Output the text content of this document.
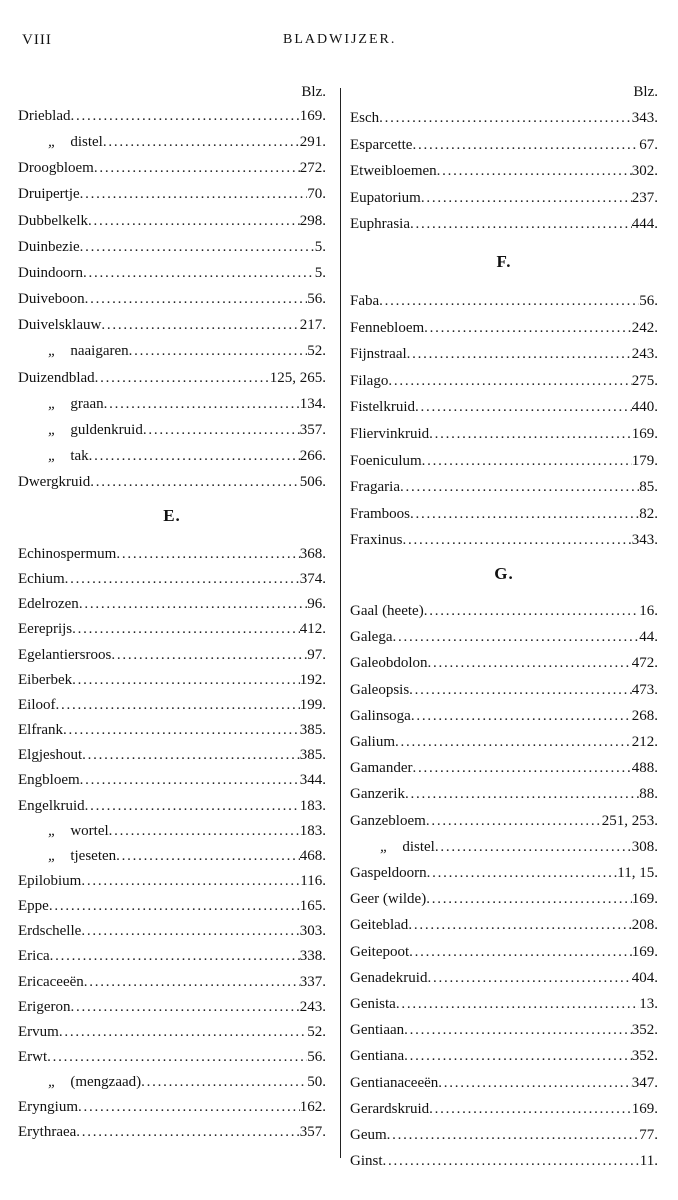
VIII	BLADWIJZER.
Blz.
Drieblad . . .	169.
„ distel . . .	291.
Droogbloem . . .	272.
Druipertje . . .	70.
Dubbelkelk . . .	298.
Duinbezie . . .	5.
Duindoorn . . .	5.
Duiveboon . . .	56.
Duivelsklauw . . .	217.
„ naaigaren . . .	52.
Duizendblad . . .	125, 265.
„ graan . . .	134.
„ guldenkruid . . .	357.
„ tak . . .	266.
Dwergkruid . . .	506.
E.
Echinospermum . . .	368.
Echium . . .	374.
Edelrozen . . .	96.
Eereprijs . . .	412.
Egelantiersroos . . .	97.
Eiberbek . . .	192.
Eiloof . . .	199.
Elfrank . . .	385.
Elgjeshout . . .	385.
Engbloem . . .	344.
Engelkruid . . .	183.
„ wortel . . .	183.
„ tjeseten . . .	468.
Epilobium . . .	116.
Eppe . . .	165.
Erdschelle . . .	303.
Erica . . .	338.
Ericaceeën . . .	337.
Erigeron . . .	243.
Ervum . . .	52.
Erwt . . .	56.
„ (mengzaad) . . .	50.
Eryngium . . .	162.
Erythraea . . .	357.
Blz.
Esch . . .	343.
Esparcette . . .	67.
Etweibloemen . . .	302.
Eupatorium . . .	237.
Euphrasia . . .	444.
F.
Faba . . .	56.
Fennebloem . . .	242.
Fijnstraal . . .	243.
Filago . . .	275.
Fistelkruid . . .	440.
Fliervinkruid . . .	169.
Foeniculum . . .	179.
Fragaria . . .	85.
Framboos . . .	82.
Fraxinus . . .	343.
G.
Gaal (heete) . . .	16.
Galega . . .	44.
Galeobdolon . . .	472.
Galeopsis . . .	473.
Galinsoga . . .	268.
Galium . . .	212.
Gamander . . .	488.
Ganzerik . . .	88.
Ganzebloem . . .	251, 253.
„ distel . . .	308.
Gaspeldoorn . . .	11, 15.
Geer (wilde) . . .	169.
Geiteblad . . .	208.
Geitepoot . . .	169.
Genadekruid . . .	404.
Genista . . .	13.
Gentiaan . . .	352.
Gentiana . . .	352.
Gentianaceeën . . .	347.
Gerardskruid . . .	169.
Geum . . .	77.
Ginst . . .	11.
